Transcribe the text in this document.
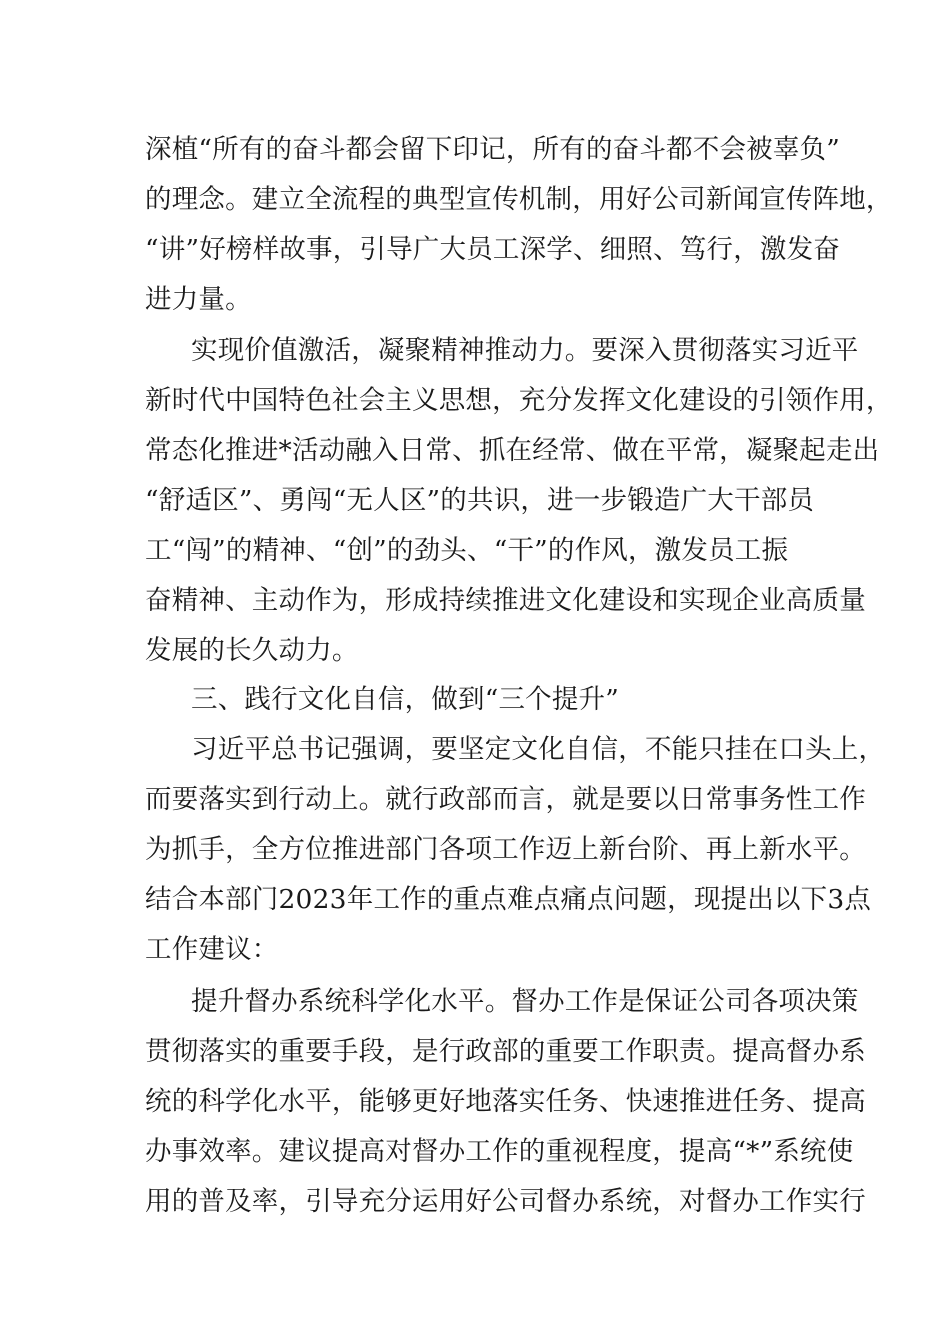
深植“所有的奋斗都会留下印记，所有的奋斗都不会被辜负”
的理念。建立全流程的典型宣传机制，用好公司新闻宣传阵地，
“讲”好榜样故事，引导广大员工深学、细照、笃行，激发奋
进力量。
实现价值激活，凝聚精神推动力。要深入贯彻落实习近平
新时代中国特色社会主义思想，充分发挥文化建设的引领作用，
常态化推进*活动融入日常、抓在经常、做在平常，凝聚起走出
“舒适区”、勇闯“无人区”的共识，进一步锻造广大干部员
工“闯”的精神、“创”的劲头、“干”的作风，激发员工振
奋精神、主动作为，形成持续推进文化建设和实现企业高质量
发展的长久动力。
三、践行文化自信，做到“三个提升”
习近平总书记强调，要坚定文化自信，不能只挂在口头上，
而要落实到行动上。就行政部而言，就是要以日常事务性工作
为抓手，全方位推进部门各项工作迈上新台阶、再上新水平。
结合本部门2023年工作的重点难点痛点问题，现提出以下3点
工作建议：
提升督办系统科学化水平。督办工作是保证公司各项决策
贯彻落实的重要手段，是行政部的重要工作职责。提高督办系
统的科学化水平，能够更好地落实任务、快速推进任务、提高
办事效率。建议提高对督办工作的重视程度，提高“*”系统使
用的普及率，引导充分运用好公司督办系统，对督办工作实行
